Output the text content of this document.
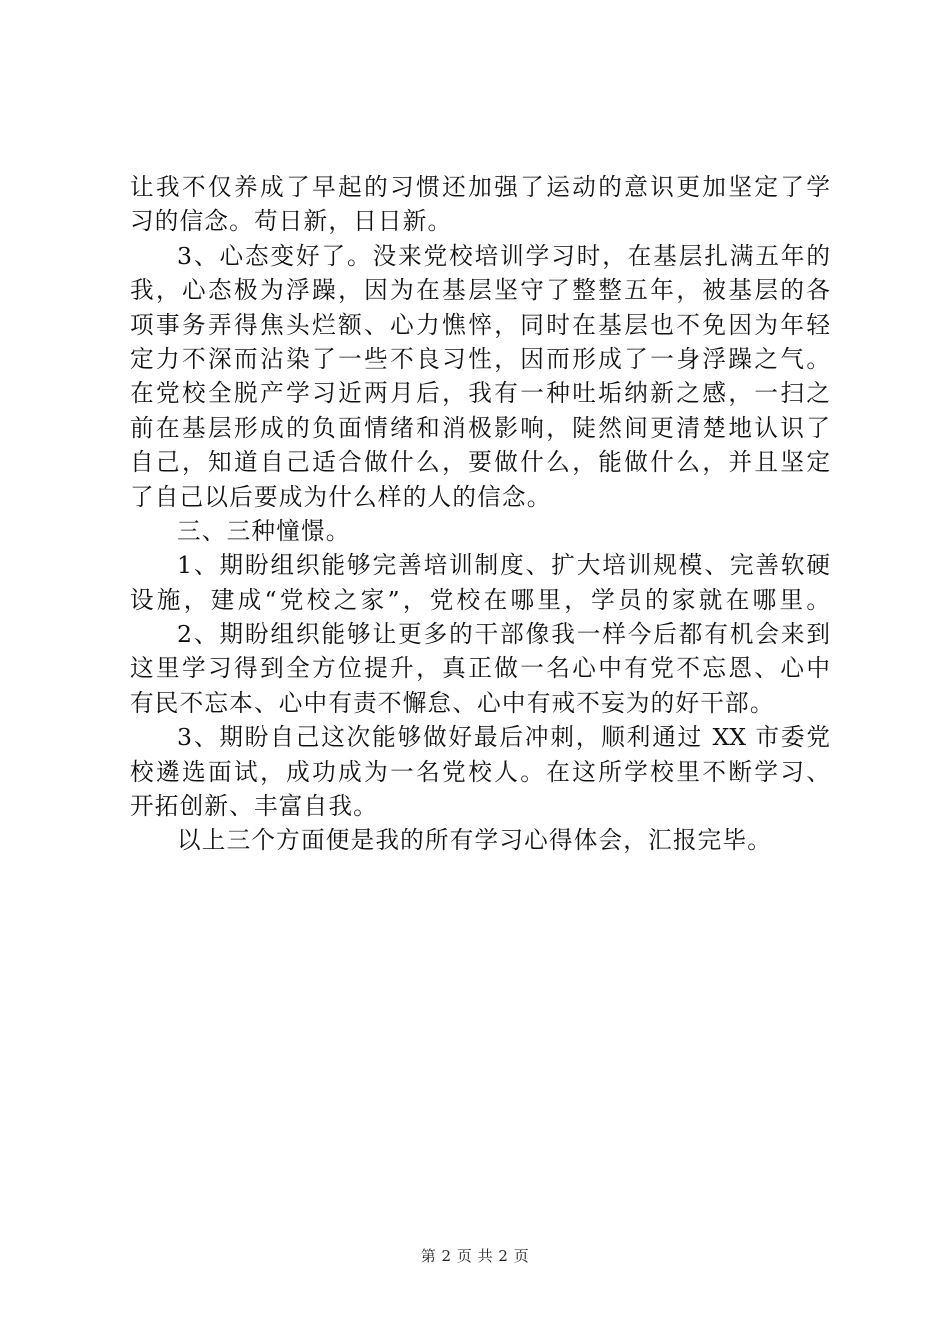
让我不仅养成了早起的习惯还加强了运动的意识更加坚定了学
习的信念。苟日新，日日新。
3、心态变好了。没来党校培训学习时，在基层扎满五年的
我，心态极为浮躁，因为在基层坚守了整整五年，被基层的各
项事务弄得焦头烂额、心力憔悴，同时在基层也不免因为年轻
定力不深而沾染了一些不良习性，因而形成了一身浮躁之气。
在党校全脱产学习近两月后，我有一种吐垢纳新之感，一扫之
前在基层形成的负面情绪和消极影响，陡然间更清楚地认识了
自己，知道自己适合做什么，要做什么，能做什么，并且坚定
了自己以后要成为什么样的人的信念。
三、三种憧憬。
1、期盼组织能够完善培训制度、扩大培训规模、完善软硬
设施，建成“党校之家”，党校在哪里，学员的家就在哪里。
2、期盼组织能够让更多的干部像我一样今后都有机会来到
这里学习得到全方位提升，真正做一名心中有党不忘恩、心中
有民不忘本、心中有责不懈怠、心中有戒不妄为的好干部。
3、期盼自己这次能够做好最后冲刺，顺利通过 XX 市委党
校遴选面试，成功成为一名党校人。在这所学校里不断学习、
开拓创新、丰富自我。
以上三个方面便是我的所有学习心得体会，汇报完毕。
第 2 页 共 2 页
